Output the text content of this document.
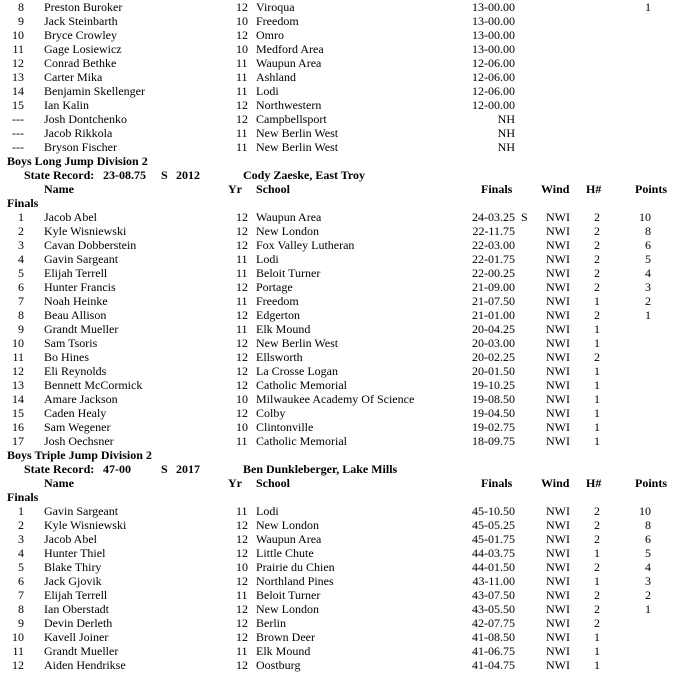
8 Preston Buroker	12 Viroqua	13-00.00	1
9 Jack Steinbarth	10 Freedom	13-00.00
10 Bryce Crowley	12 Omro	13-00.00
11 Gage Losiewicz	10 Medford Area	13-00.00
12 Conrad Bethke	11 Waupun Area	12-06.00
13 Carter Mika	11 Ashland	12-06.00
14 Benjamin Skellenger	11 Lodi	12-06.00
15 Ian Kalin	12 Northwestern	12-00.00
--- Josh Dontchenko	12 Campbellsport	NH
--- Jacob Rikkola	11 New Berlin West	NH
--- Bryson Fischer	11 New Berlin West	NH
Boys Long Jump Division 2
State Record: 23-08.75 S 2012	Cody Zaeske, East Troy
Name	Yr School	Finals Wind H#	Points
Finals
1 Jacob Abel	12 Waupun Area	24-03.25 S NWI 2	10
2 Kyle Wisniewski	12 New London	22-11.75	NWI 2	8
3 Cavan Dobberstein	12 Fox Valley Lutheran	22-03.00	NWI 2	6
4 Gavin Sargeant	11 Lodi	22-01.75	NWI 2	5
5 Elijah Terrell	11 Beloit Turner	22-00.25	NWI 2	4
6 Hunter Francis	12 Portage	21-09.00	NWI 2	3
7 Noah Heinke	11 Freedom	21-07.50	NWI 1	2
8 Beau Allison	12 Edgerton	21-01.00	NWI 2	1
9 Grandt Mueller	11 Elk Mound	20-04.25	NWI 1
10 Sam Tsoris	12 New Berlin West	20-03.00	NWI 1
11 Bo Hines	12 Ellsworth	20-02.25	NWI 2
12 Eli Reynolds	12 La Crosse Logan	20-01.50	NWI 1
13 Bennett McCormick	12 Catholic Memorial	19-10.25	NWI 1
14 Amare Jackson	10 Milwaukee Academy Of Science	19-08.50	NWI 1
15 Caden Healy	12 Colby	19-04.50	NWI 1
16 Sam Wegener	10 Clintonville	19-02.75	NWI 1
17 Josh Oechsner	11 Catholic Memorial	18-09.75	NWI 1
Boys Triple Jump Division 2
State Record: 47-00	S 2017	Ben Dunkleberger, Lake Mills
Name	Yr School	Finals Wind H#	Points
Finals
1 Gavin Sargeant	11 Lodi	45-10.50	NWI 2	10
2 Kyle Wisniewski	12 New London	45-05.25	NWI 2	8
3 Jacob Abel	12 Waupun Area	45-01.75	NWI 2	6
4 Hunter Thiel	12 Little Chute	44-03.75	NWI 1	5
5 Blake Thiry	10 Prairie du Chien	44-01.50	NWI 2	4
6 Jack Gjovik	12 Northland Pines	43-11.00	NWI 1	3
7 Elijah Terrell	11 Beloit Turner	43-07.50	NWI 2	2
8 Ian Oberstadt	12 New London	43-05.50	NWI 2	1
9 Devin Derleth	12 Berlin	42-07.75	NWI 2
10 Kavell Joiner	12 Brown Deer	41-08.50	NWI 1
11 Grandt Mueller	11 Elk Mound	41-06.75	NWI 1
12 Aiden Hendrikse	12 Oostburg	41-04.75	NWI 1
